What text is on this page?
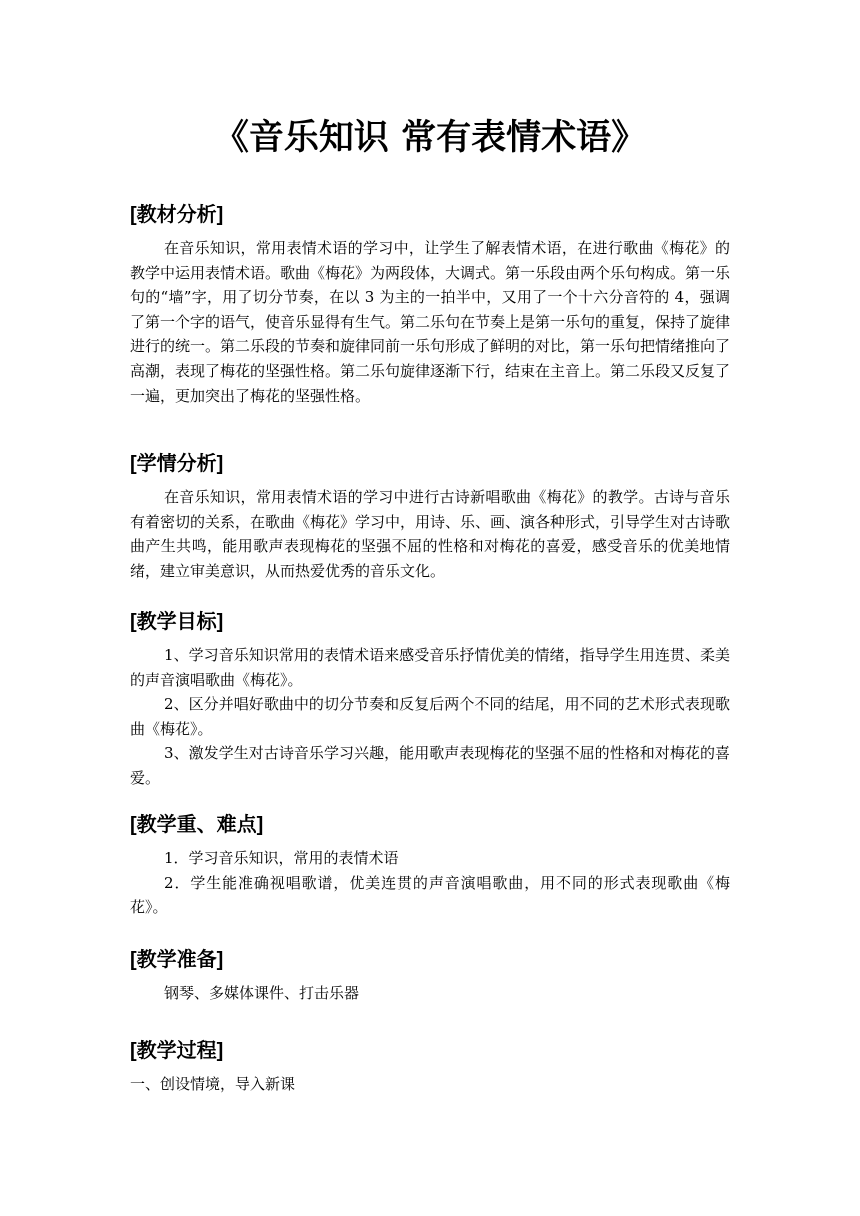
《音乐知识 常有表情术语》
[教材分析]

在音乐知识，常用表情术语的学习中，让学生了解表情术语，在进行歌曲《梅花》的教学中运用表情术语。歌曲《梅花》为两段体，大调式。第一乐段由两个乐句构成。第一乐句的“墙”字，用了切分节奏，在以 3 为主的一拍半中，又用了一个十六分音符的 4，强调了第一个字的语气，使音乐显得有生气。第二乐句在节奏上是第一乐句的重复，保持了旋律进行的统一。第二乐段的节奏和旋律同前一乐句形成了鲜明的对比，第一乐句把情绪推向了高潮，表现了梅花的坚强性格。第二乐句旋律逐渐下行，结束在主音上。第二乐段又反复了一遍，更加突出了梅花的坚强性格。

[学情分析]

在音乐知识，常用表情术语的学习中进行古诗新唱歌曲《梅花》的教学。古诗与音乐有着密切的关系，在歌曲《梅花》学习中，用诗、乐、画、演各种形式，引导学生对古诗歌曲产生共鸣，能用歌声表现梅花的坚强不屈的性格和对梅花的喜爱，感受音乐的优美地情绪，建立审美意识，从而热爱优秀的音乐文化。

[教学目标]

1、学习音乐知识常用的表情术语来感受音乐抒情优美的情绪，指导学生用连贯、柔美的声音演唱歌曲《梅花》。

2、区分并唱好歌曲中的切分节奏和反复后两个不同的结尾，用不同的艺术形式表现歌曲《梅花》。

3、激发学生对古诗音乐学习兴趣，能用歌声表现梅花的坚强不屈的性格和对梅花的喜爱。

[教学重、难点]

1．学习音乐知识，常用的表情术语

2．学生能准确视唱歌谱，优美连贯的声音演唱歌曲，用不同的形式表现歌曲《梅花》。

[教学准备]

钢琴、多媒体课件、打击乐器

[教学过程]

一、创设情境，导入新课
